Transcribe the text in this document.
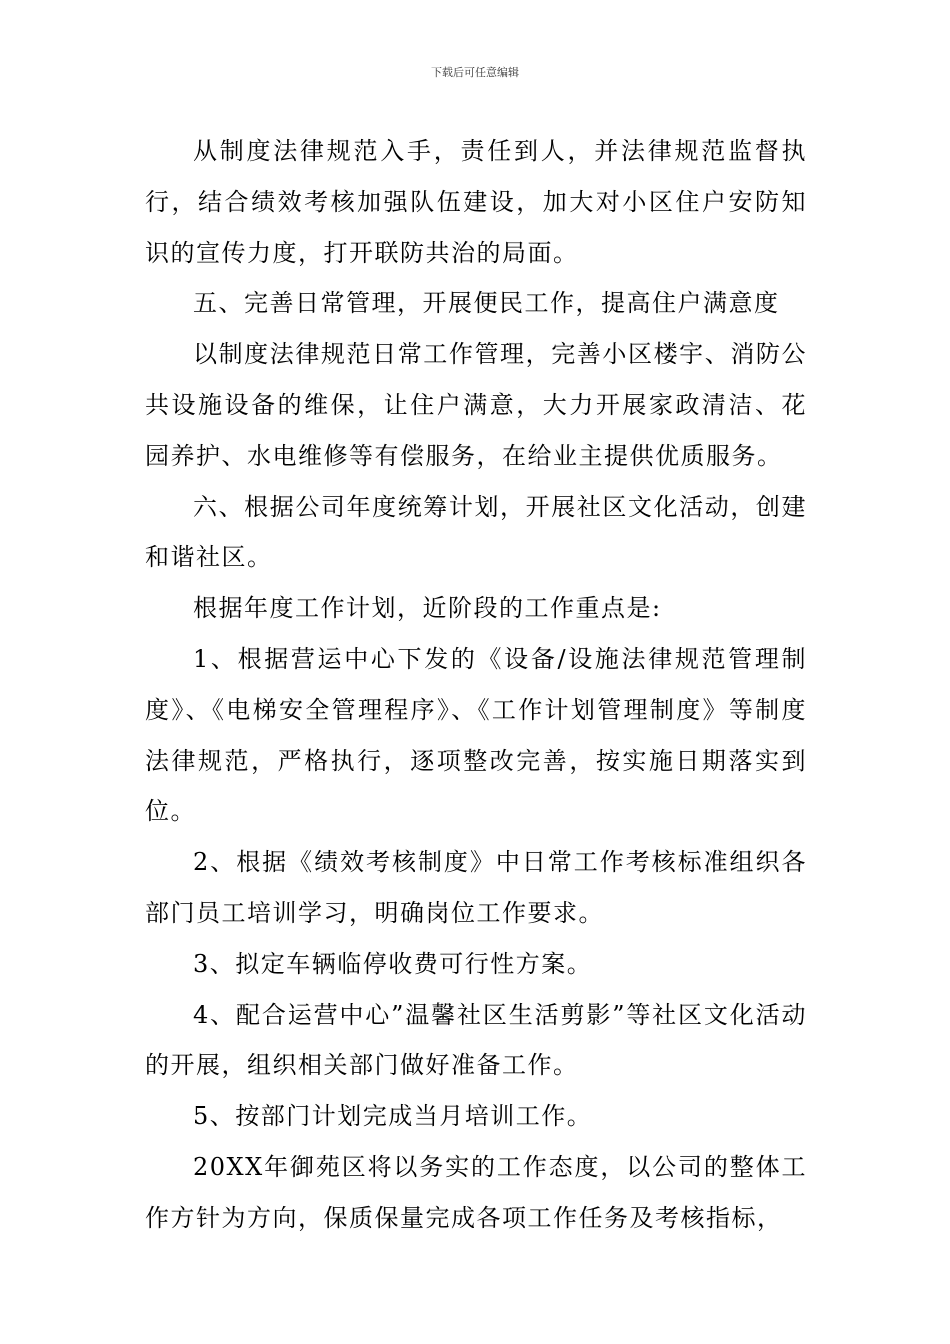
下载后可任意编辑

从制度法律规范入手，责任到人，并法律规范监督执行，结合绩效考核加强队伍建设，加大对小区住户安防知识的宣传力度，打开联防共治的局面。

五、完善日常管理，开展便民工作，提高住户满意度

以制度法律规范日常工作管理，完善小区楼宇、消防公共设施设备的维保，让住户满意，大力开展家政清洁、花园养护、水电维修等有偿服务，在给业主提供优质服务。

六、根据公司年度统筹计划，开展社区文化活动，创建和谐社区。

根据年度工作计划，近阶段的工作重点是:

1、根据营运中心下发的《设备/设施法律规范管理制度》、《电梯安全管理程序》、《工作计划管理制度》等制度法律规范，严格执行，逐项整改完善，按实施日期落实到位。

2、根据《绩效考核制度》中日常工作考核标准组织各部门员工培训学习，明确岗位工作要求。

3、拟定车辆临停收费可行性方案。

4、配合运营中心”温馨社区生活剪影”等社区文化活动的开展，组织相关部门做好准备工作。

5、按部门计划完成当月培训工作。

20XX年御苑区将以务实的工作态度，以公司的整体工作方针为方向，保质保量完成各项工作任务及考核指标，
